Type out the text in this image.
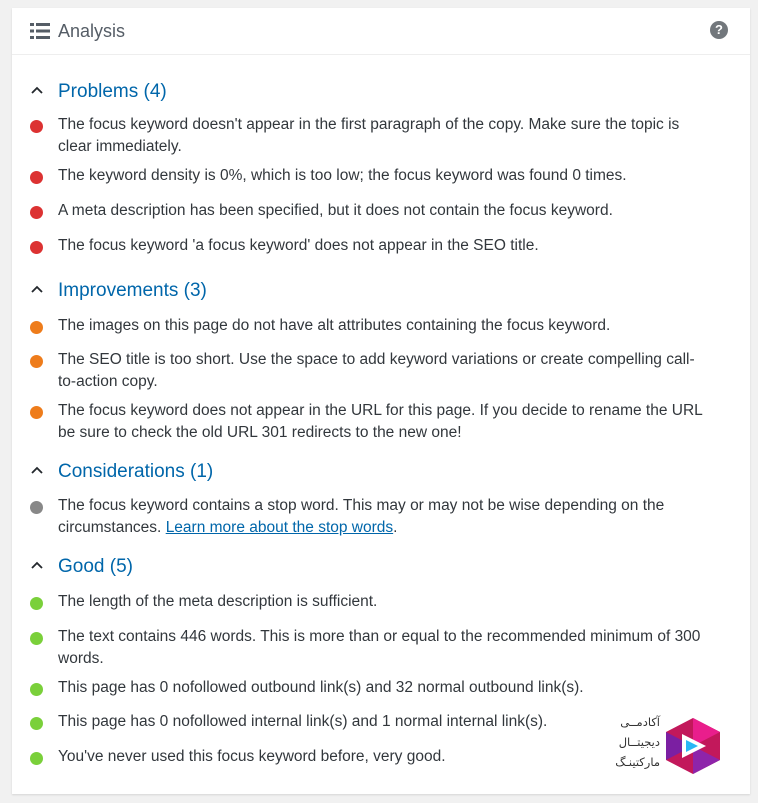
Analysis	?
Problems (4)
The focus keyword doesn't appear in the first paragraph of the copy. Make sure the topic is clear immediately.
The keyword density is 0%, which is too low; the focus keyword was found 0 times.
A meta description has been specified, but it does not contain the focus keyword.
The focus keyword 'a focus keyword' does not appear in the SEO title.
Improvements (3)
The images on this page do not have alt attributes containing the focus keyword.
The SEO title is too short. Use the space to add keyword variations or create compelling call-to-action copy.
The focus keyword does not appear in the URL for this page. If you decide to rename the URL be sure to check the old URL 301 redirects to the new one!
Considerations (1)
The focus keyword contains a stop word. This may or may not be wise depending on the circumstances. Learn more about the stop words.
Good (5)
The length of the meta description is sufficient.
The text contains 446 words. This is more than or equal to the recommended minimum of 300 words.
This page has 0 nofollowed outbound link(s) and 32 normal outbound link(s).
This page has 0 nofollowed internal link(s) and 1 normal internal link(s).
You've never used this focus keyword before, very good.
آکادمــی
دیجیتــال
مارکتینـگ
